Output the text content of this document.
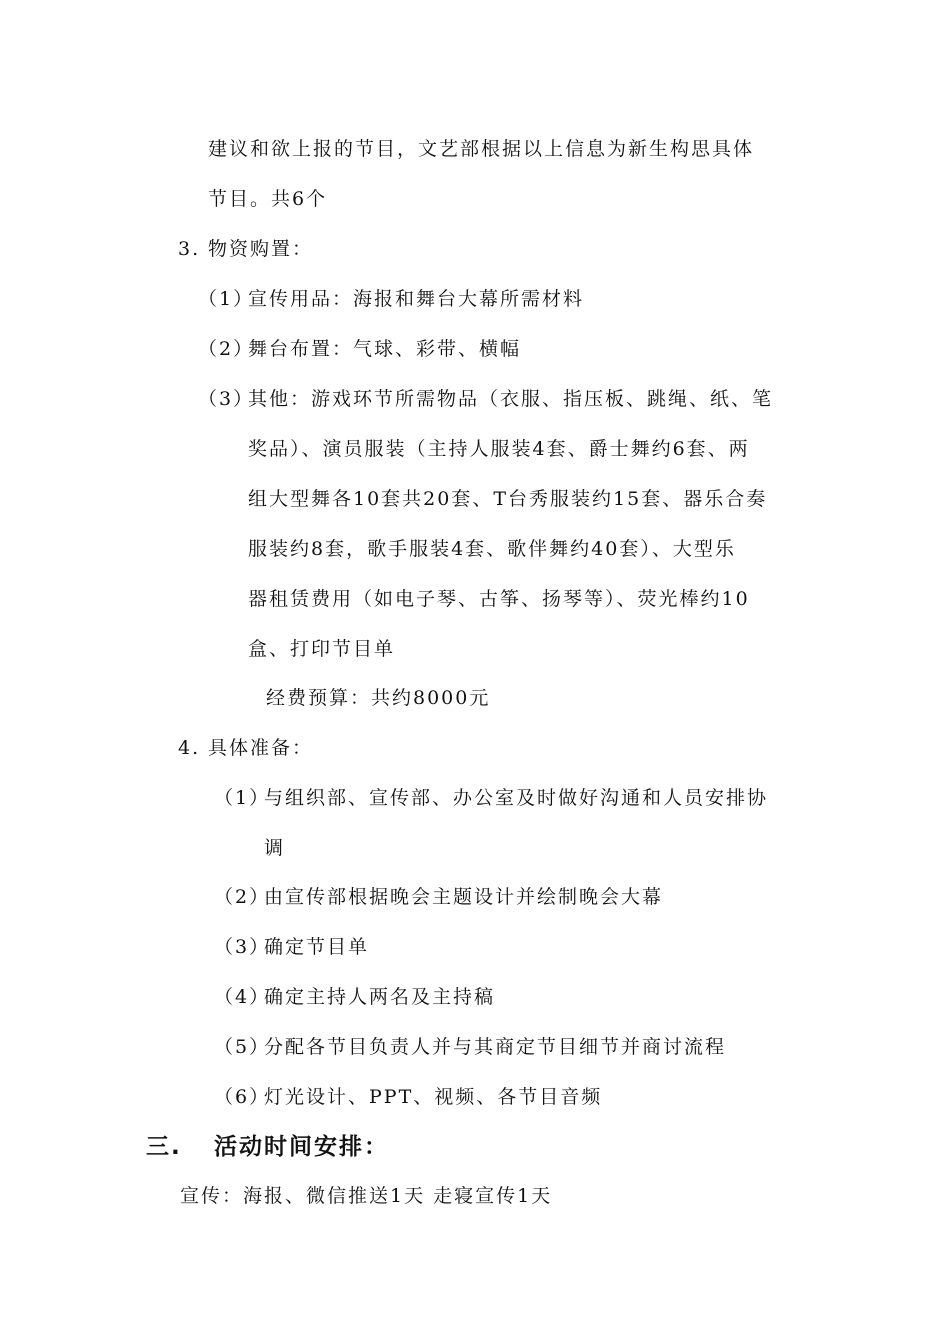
建议和欲上报的节目，文艺部根据以上信息为新生构思具体
节目。共6个
3. 物资购置：
（1）宣传用品：海报和舞台大幕所需材料
（2）舞台布置：气球、彩带、横幅
（3）其他：游戏环节所需物品（衣服、指压板、跳绳、纸、笔
奖品）、演员服装（主持人服装4套、爵士舞约6套、两
组大型舞各10套共20套、T台秀服装约15套、器乐合奏
服装约8套，歌手服装4套、歌伴舞约40套）、大型乐
器租赁费用（如电子琴、古筝、扬琴等）、荧光棒约10
盒、打印节目单
经费预算：共约8000元
4. 具体准备：
（1）与组织部、宣传部、办公室及时做好沟通和人员安排协
调
（2）由宣传部根据晚会主题设计并绘制晚会大幕
（3）确定节目单
（4）确定主持人两名及主持稿
（5）分配各节目负责人并与其商定节目细节并商讨流程
（6）灯光设计、PPT、视频、各节目音频
三. 活动时间安排：
宣传：海报、微信推送1天 走寝宣传1天
